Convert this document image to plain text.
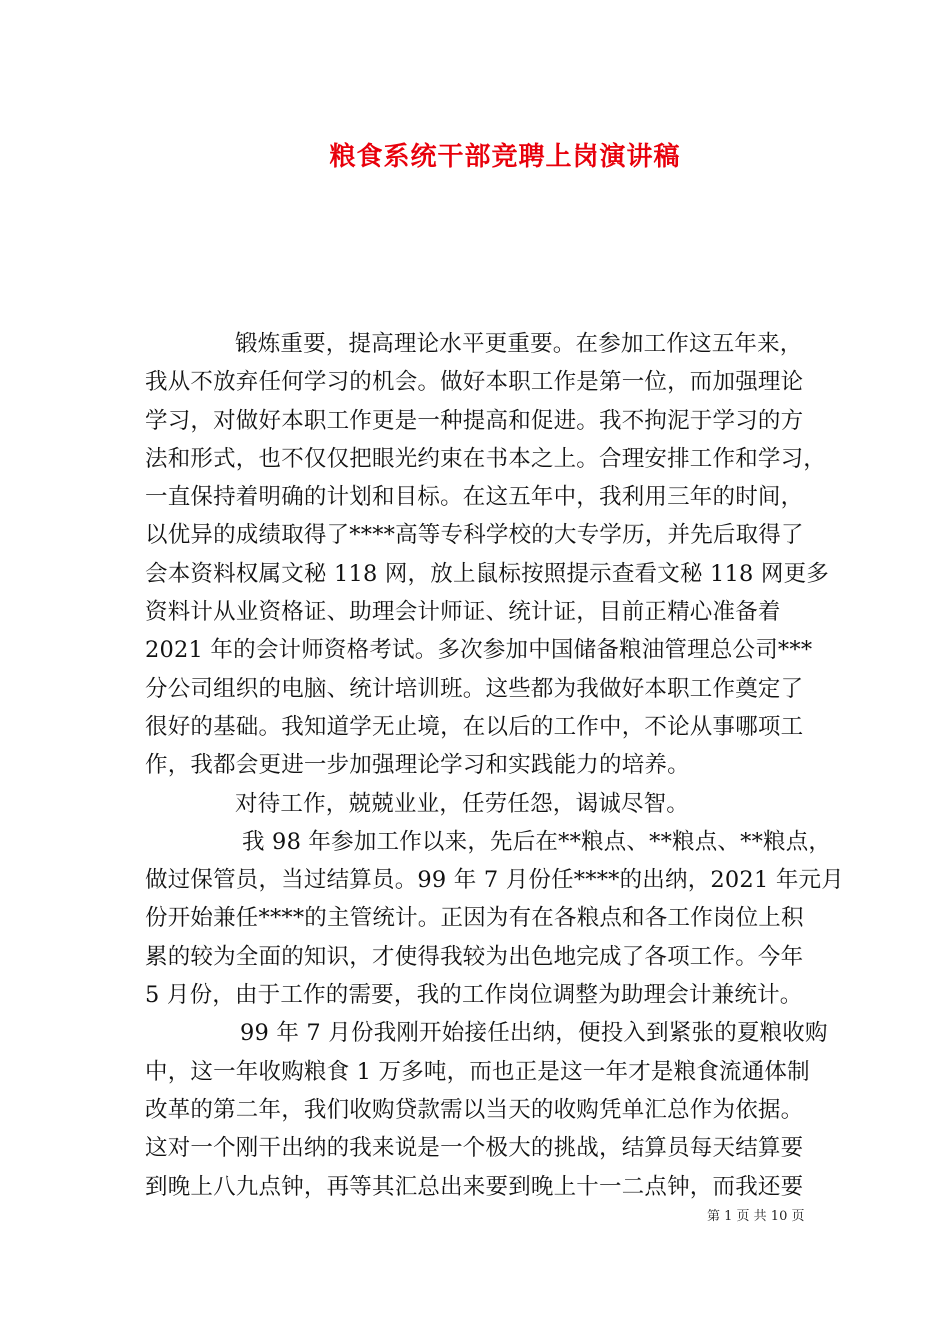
粮食系统干部竞聘上岗演讲稿
锻炼重要，提高理论水平更重要。在参加工作这五年来，
我从不放弃任何学习的机会。做好本职工作是第一位，而加强理论
学习，对做好本职工作更是一种提高和促进。我不拘泥于学习的方
法和形式，也不仅仅把眼光约束在书本之上。合理安排工作和学习，
一直保持着明确的计划和目标。在这五年中，我利用三年的时间，
以优异的成绩取得了****高等专科学校的大专学历，并先后取得了
会本资料权属文秘 118 网，放上鼠标按照提示查看文秘 118 网更多
资料计从业资格证、助理会计师证、统计证，目前正精心准备着
2021 年的会计师资格考试。多次参加中国储备粮油管理总公司***
分公司组织的电脑、统计培训班。这些都为我做好本职工作奠定了
很好的基础。我知道学无止境，在以后的工作中，不论从事哪项工
作，我都会更进一步加强理论学习和实践能力的培养。
对待工作，兢兢业业，任劳任怨，谒诚尽智。
我 98 年参加工作以来，先后在**粮点、**粮点、**粮点，
做过保管员，当过结算员。99 年 7 月份任****的出纳，2021 年元月
份开始兼任****的主管统计。正因为有在各粮点和各工作岗位上积
累的较为全面的知识，才使得我较为出色地完成了各项工作。今年
5 月份，由于工作的需要，我的工作岗位调整为助理会计兼统计。
99 年 7 月份我刚开始接任出纳，便投入到紧张的夏粮收购
中，这一年收购粮食 1 万多吨，而也正是这一年才是粮食流通体制
改革的第二年，我们收购贷款需以当天的收购凭单汇总作为依据。
这对一个刚干出纳的我来说是一个极大的挑战，结算员每天结算要
到晚上八九点钟，再等其汇总出来要到晚上十一二点钟，而我还要
第 1 页 共 10 页
